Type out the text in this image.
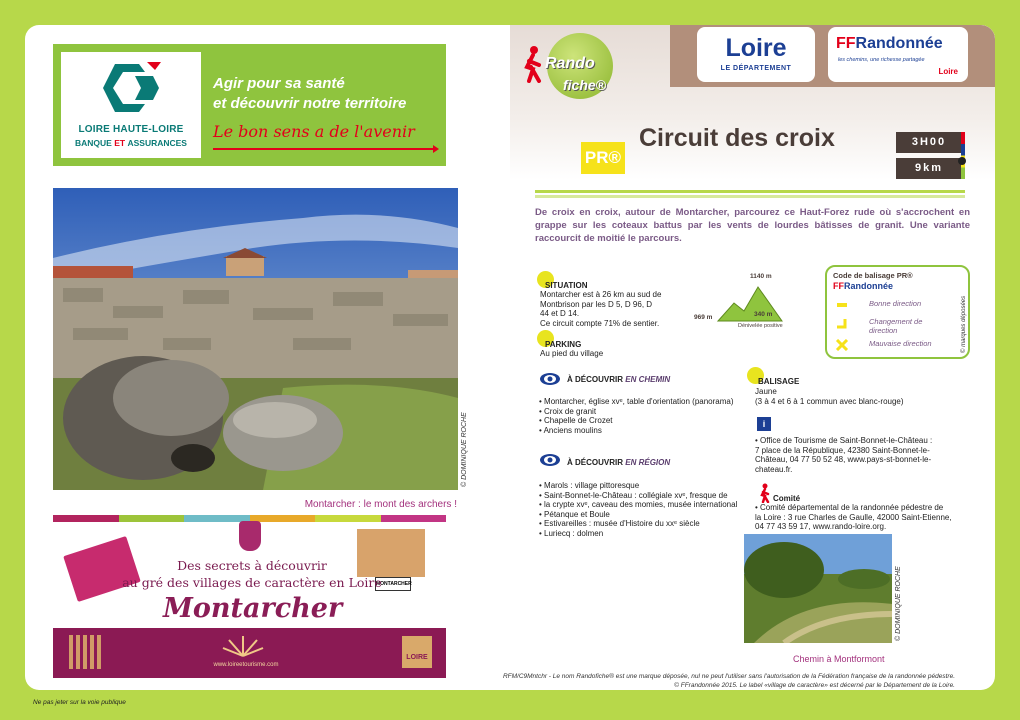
LOIRE HAUTE-LOIRE
BANQUE ET ASSURANCES
Agir pour sa santé
et découvrir notre territoire
Le bon sens a de l'avenir
© DOMINIQUE ROCHE
Montarcher : le mont des archers !
MONTARCHER
Des secrets à découvrir
au gré des villages de caractère en Loire
Montarcher
www.loireetourisme.com
LOIRE
Rando
fiche®
Loire
LE DÉPARTEMENT
FFRandonnée
les chemins, une richesse partagée
Loire
PR®
Circuit des croix	3H00
9km
De croix en croix, autour de Montarcher, parcourez ce Haut-Forez rude où s'accrochent en grappe sur les coteaux battus par les vents de lourdes bâtisses de granit. Une variante raccourcit de moitié le parcours.
SITUATION
Montarcher est à 26 km au sud de
Montbrison par les D 5, D 96, D
44 et D 14.
Ce circuit compte 71% de sentier.
PARKING
Au pied du village
1140 m
969 m	340 m
Dénivelée positive
Code de balisage PR®
FFRandonnée
Bonne direction
Changement de direction
Mauvaise direction	© marques déposées
À DÉCOUVRIR EN CHEMIN
• Montarcher, église xvᵉ, table d'orientation (panorama)
• Croix de granit
• Chapelle de Crozet
• Anciens moulins
À DÉCOUVRIR EN RÉGION
• Marols : village pittoresque
• Saint-Bonnet-le-Château : collégiale xvᵉ, fresque de
• la crypte xvᵉ, caveau des momies, musée international
• Pétanque et Boule
• Estivareilles : musée d'Histoire du xxᵉ siècle
• Luriecq : dolmen
BALISAGE
Jaune
(3 à 4 et 6 à 1 commun avec blanc-rouge)
i
• Office de Tourisme de Saint-Bonnet-le-Château :
7 place de la République, 42380 Saint-Bonnet-le-
Château, 04 77 50 52 48, www.pays-st-bonnet-le-
chateau.fr.
Comité
• Comité départemental de la randonnée pédestre de
la Loire : 3 rue Charles de Gaulle, 42000 Saint-Etienne,
04 77 43 59 17, www.rando-loire.org.
© DOMINIQUE ROCHE
Chemin à Montformont
RFM/C9Mntchr - Le nom Randofiche® est une marque déposée, nul ne peut l'utiliser sans l'autorisation de la Fédération française de la randonnée pédestre.
© FFrandonnée 2015. Le label «village de caractère» est décerné par le Département de la Loire.
Ne pas jeter sur la voie publique
